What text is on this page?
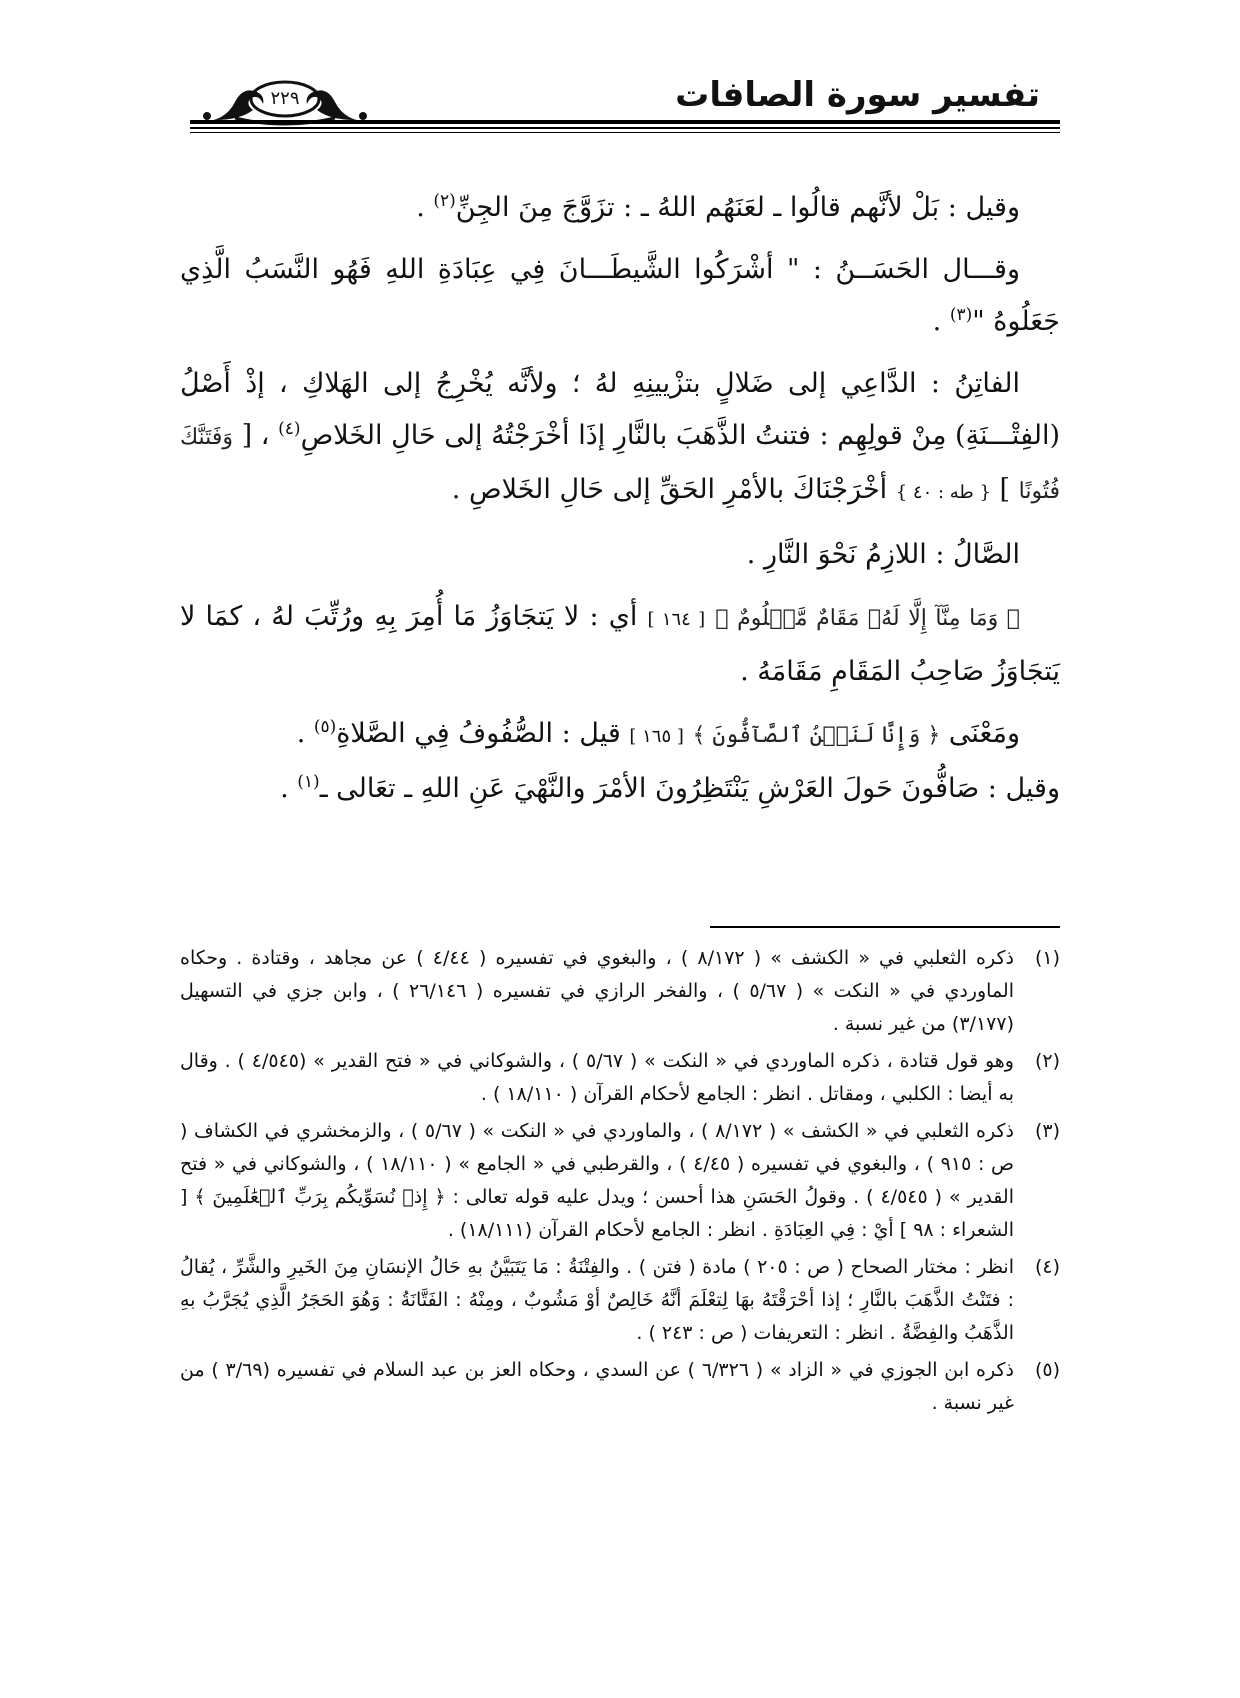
تفسير سورة الصافات
٢٢٩

وقيل : بَلْ لأنَّهم قالُوا ـ لعَنَهُم اللهُ ـ : تزَوَّجَ مِنَ الجِنِّ$^{(٢)}$ .

وقـــال الحَسَــنُ : " أشْرَكُوا الشَّيطَـــانَ فِي عِبَادَةِ اللهِ فَهُو النَّسَبُ الَّذِي جَعَلُوهُ "$^{(٣)}$ .

الفاتِنُ : الدَّاعِي إلى ضَلالٍ بتزْيينِهِ لهُ ؛ ولأنَّه يُخْرِجُ إلى الهَلاكِ ، إذْ أَصْلُ (الفِتْـــنَةِ) مِنْ قولِهِم : فتنتُ الذَّهَبَ بالنَّارِ إذَا أخْرَجْتُهُ إلى حَالِ الخَلاصِ$^{(٤)}$ ، [ وَفَتَنَّكَ فُتُونًا ] { طه : ٤٠ } أخْرَجْنَاكَ بالأمْرِ الحَقِّ إلى حَالِ الخَلاصِ .

الصَّالُ : اللازِمُ نَحْوَ النَّارِ .

﴿ وَمَا مِنَّآ إِلَّا لَهُۥ مَقَامٌ مَّعۡلُومٌ ﴾ [ ١٦٤ ] أي : لا يَتجَاوَزُ مَا أُمِرَ بِهِ ورُتِّبَ لهُ ، كمَا لا يَتجَاوَزُ صَاحِبُ المَقَامِ مَقَامَهُ .

ومَعْنَى ﴿ وَإِنَّا لَنَحۡنُ ٱلصَّآفُّونَ ﴾ [ ١٦٥ ] قيل : الصُّفُوفُ فِي الصَّلاةِ$^{(٥)}$ .
وقيل : صَافُّونَ حَولَ العَرْشِ يَنْتَظِرُونَ الأمْرَ والنَّهْيَ عَنِ اللهِ ـ تعَالى ـ$^{(١)}$ .

(١)
ذكره الثعلبي في « الكشف » ( ٨/١٧٢ ) ، والبغوي في تفسيره ( ٤/٤٤ ) عن مجاهد ، وقتادة . وحكاه الماوردي في « النكت » ( ٥/٦٧ ) ، والفخر الرازي في تفسيره ( ٢٦/١٤٦ ) ، وابن جزي في التسهيل (٣/١٧٧) من غير نسبة .
(٢)
وهو قول قتادة ، ذكره الماوردي في « النكت » ( ٥/٦٧ ) ، والشوكاني في « فتح القدير » (٤/٥٤٥ ) . وقال به أيضا : الكلبي ، ومقاتل . انظر : الجامع لأحكام القرآن ( ١٨/١١٠ ) .
(٣)
ذكره الثعلبي في « الكشف » ( ٨/١٧٢ ) ، والماوردي في « النكت » ( ٥/٦٧ ) ، والزمخشري في الكشاف ( ص : ٩١٥ ) ، والبغوي في تفسيره ( ٤/٤٥ ) ، والقرطبي في « الجامع » ( ١٨/١١٠ ) ، والشوكاني في « فتح القدير » ( ٤/٥٤٥ ) . وقولُ الحَسَنِ هذا أحسن ؛ ويدل عليه قوله تعالى : ﴿ إِذۡ نُسَوِّيكُم بِرَبِّ ٱلۡعَٰلَمِينَ ﴾ [ الشعراء : ٩٨ ] أيْ : فِي العِبَادَةِ . انظر : الجامع لأحكام القرآن (١٨/١١١) .
(٤)
انظر : مختار الصحاح ( ص : ٢٠٥ ) مادة ( فتن ) . والفِتْنَةُ : مَا يَتَبَيَّنُ بهِ حَالُ الإنسَانِ مِنَ الخَيرِ والشَّرِّ ، يُقالُ : فتَنْتُ الذَّهَبَ بالنَّارِ ؛ إذا أحْرَقْتَهُ بهَا لِتعْلَمَ أنَّهُ خَالِصٌ أوْ مَشُوبٌ ، ومِنْهُ : الفَتَّانَةُ : وَهُوَ الحَجَرُ الَّذِي يُجَرَّبُ بهِ الذَّهَبُ والفِضَّةُ . انظر : التعريفات ( ص : ٢٤٣ ) .
(٥)
ذكره ابن الجوزي في « الزاد » ( ٦/٣٢٦ ) عن السدي ، وحكاه العز بن عبد السلام في تفسيره (٣/٦٩ ) من غير نسبة .
